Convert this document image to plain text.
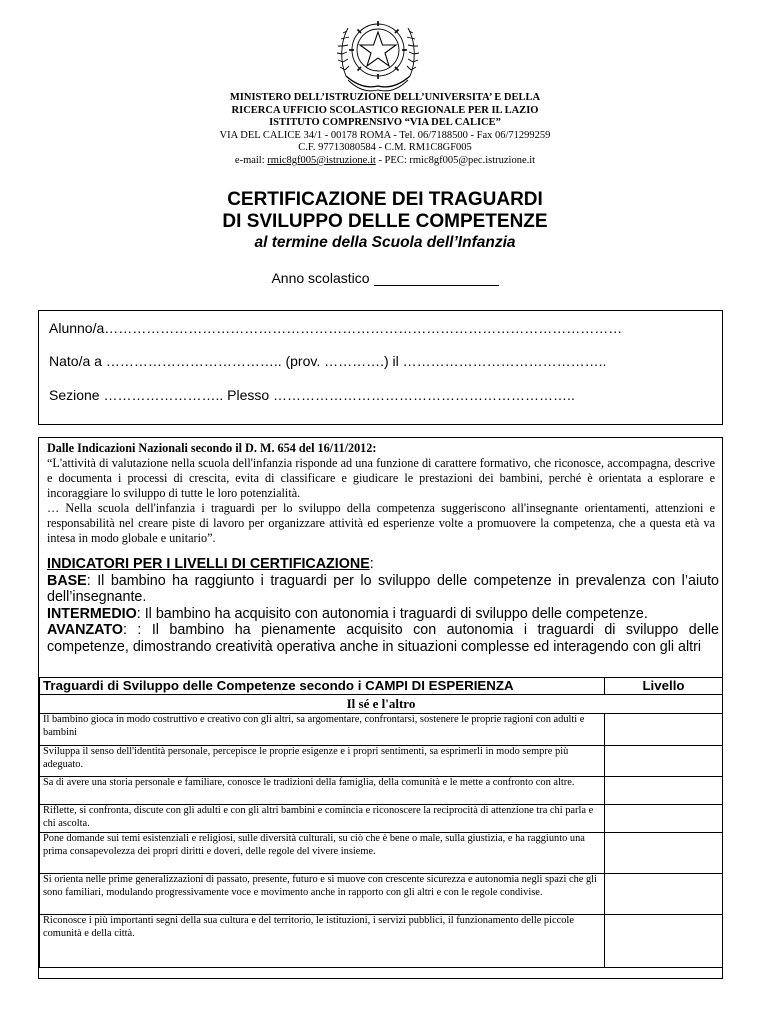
MINISTERO DELL’ISTRUZIONE DELL’UNIVERSITA’ E DELLA
RICERCA UFFICIO SCOLASTICO REGIONALE PER IL LAZIO
ISTITUTO COMPRENSIVO “VIA DEL CALICE”
VIA DEL CALICE 34/1 - 00178 ROMA - Tel. 06/7188500 - Fax 06/71299259
C.F. 97713080584 - C.M. RM1C8GF005
e-mail: rmic8gf005@istruzione.it - PEC: rmic8gf005@pec.istruzione.it
CERTIFICAZIONE DEI TRAGUARDI
DI SVILUPPO DELLE COMPETENZE
al termine della Scuola dell’Infanzia
Anno scolastico
Alunno/a…………………………………………………………………………………………………
Nato/a a ……………………………….. (prov. ………….) il ……………………………………..
Sezione …………………….. Plesso ………………………………………………………..
Dalle Indicazioni Nazionali secondo il D. M. 654 del 16/11/2012:
“L'attività di valutazione nella scuola dell'infanzia risponde ad una funzione di carattere formativo, che riconosce, accompagna, descrive e documenta i processi di crescita, evita di classificare e giudicare le prestazioni dei bambini, perché è orientata a esplorare e incoraggiare lo sviluppo di tutte le loro potenzialità.
… Nella scuola dell'infanzia i traguardi per lo sviluppo della competenza suggeriscono all'insegnante orientamenti, attenzioni e responsabilità nel creare piste di lavoro per organizzare attività ed esperienze volte a promuovere la competenza, che a questa età va intesa in modo globale e unitario”.
INDICATORI PER I LIVELLI DI CERTIFICAZIONE:
BASE: Il bambino ha raggiunto i traguardi per lo sviluppo delle competenze in prevalenza con l’aiuto dell’insegnante.
INTERMEDIO: Il bambino ha acquisito con autonomia i traguardi di sviluppo delle competenze.
AVANZATO: : Il bambino ha pienamente acquisito con autonomia i traguardi di sviluppo delle competenze, dimostrando creatività operativa anche in situazioni complesse ed interagendo con gli altri
Traguardi di Sviluppo delle Competenze secondo i CAMPI DI ESPERIENZA	Livello
Il sé e l'altro	
Il bambino gioca in modo costruttivo e creativo con gli altri, sa argomentare, confrontarsi, sostenere le proprie ragioni con adulti e bambini	
Sviluppa il senso dell'identità personale, percepisce le proprie esigenze e i propri sentimenti, sa esprimerli in modo sempre più adeguato.	
Sa di avere una storia personale e familiare, conosce le tradizioni della famiglia, della comunità e le mette a confronto con altre.	
Riflette, si confronta, discute con gli adulti e con gli altri bambini e comincia e riconoscere la reciprocità di attenzione tra chi parla e chi ascolta.	
Pone domande sui temi esistenziali e religiosi, sulle diversità culturali, su ciò che è bene o male, sulla giustizia, e ha raggiunto una prima consapevolezza dei propri diritti e doveri, delle regole del vivere insieme.	
Si orienta nelle prime generalizzazioni di passato, presente, futuro e si muove con crescente sicurezza e autonomia negli spazi che gli sono familiari, modulando progressivamente voce e movimento anche in rapporto con gli altri e con le regole condivise.	
Riconosce i più importanti segni della sua cultura e del territorio, le istituzioni, i servizi pubblici, il funzionamento delle piccole comunità e della città.	
